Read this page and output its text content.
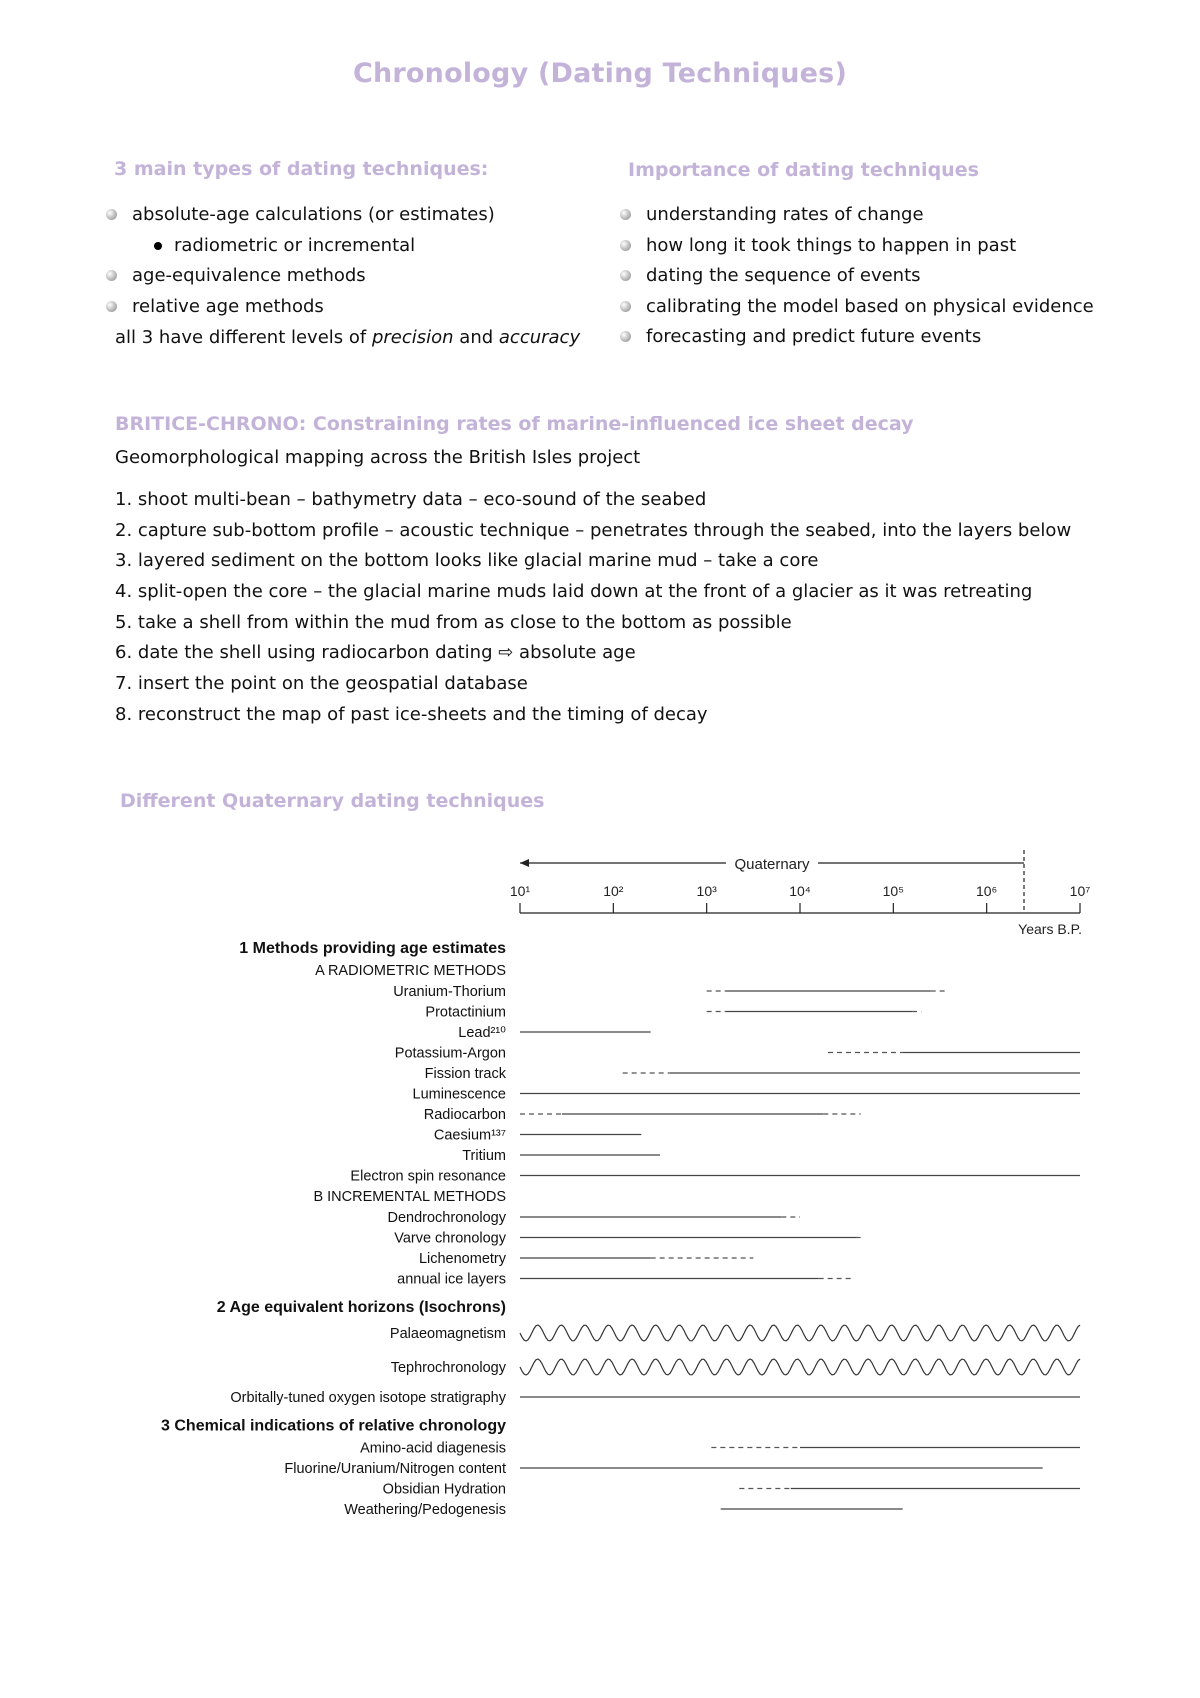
Chronology (Dating Techniques)
3 main types of dating techniques:
absolute-age calculations (or estimates)
radiometric or incremental
age-equivalence methods
relative age methods
all 3 have different levels of precision and accuracy
Importance of dating techniques
understanding rates of change
how long it took things to happen in past
dating the sequence of events
calibrating the model based on physical evidence
forecasting and predict future events
BRITICE-CHRONO: Constraining rates of marine-influenced ice sheet decay
Geomorphological mapping across the British Isles project
1. shoot multi-bean – bathymetry data – eco-sound of the seabed
2. capture sub-bottom profile – acoustic technique – penetrates through the seabed, into the layers below
3. layered sediment on the bottom looks like glacial marine mud – take a core
4. split-open the core – the glacial marine muds laid down at the front of a glacier as it was retreating
5. take a shell from within the mud from as close to the bottom as possible
6. date the shell using radiocarbon dating ⇨ absolute age
7. insert the point on the geospatial database
8. reconstruct the map of past ice-sheets and the timing of decay
Different Quaternary dating techniques
Quaternary
10¹	10²	10³	10⁴	10⁵	10⁶	10⁷
Years B.P.
1 Methods providing age estimates
A RADIOMETRIC METHODS
Uranium-Thorium
Protactinium
Lead²¹⁰
Potassium-Argon
Fission track
Luminescence
Radiocarbon
Caesium¹³⁷
Tritium
Electron spin resonance
B INCREMENTAL METHODS
Dendrochronology
Varve chronology
Lichenometry
annual ice layers
2 Age equivalent horizons (Isochrons)
Palaeomagnetism
Tephrochronology
Orbitally-tuned oxygen isotope stratigraphy
3 Chemical indications of relative chronology
Amino-acid diagenesis
Fluorine/Uranium/Nitrogen content
Obsidian Hydration
Weathering/Pedogenesis
